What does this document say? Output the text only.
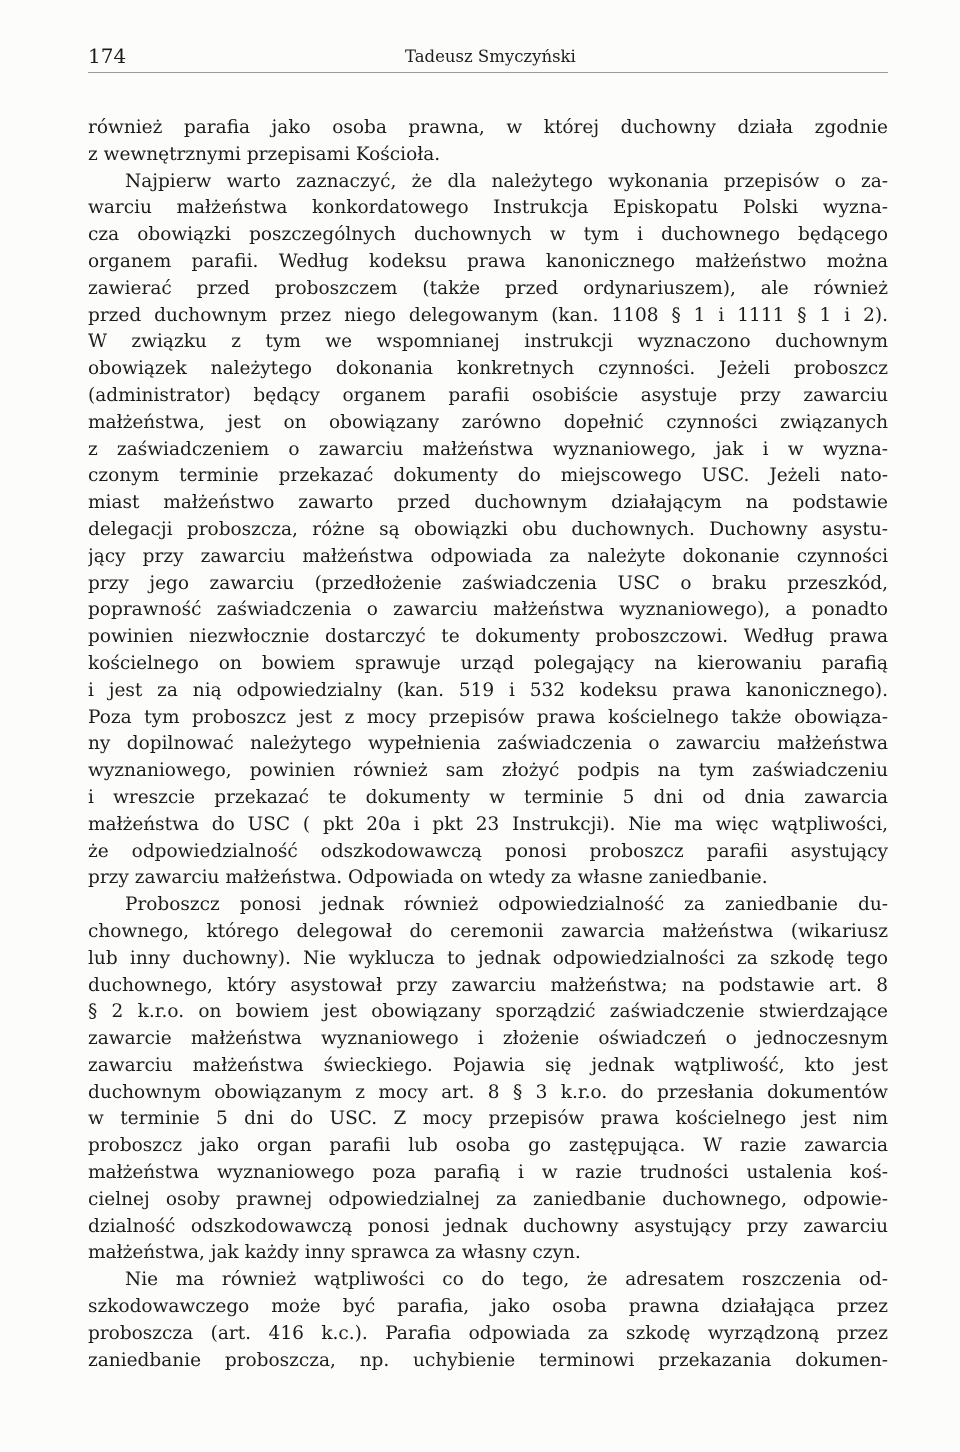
174	Tadeusz Smyczyński
również parafia jako osoba prawna, w której duchowny działa zgodnie
z wewnętrznymi przepisami Kościoła.
Najpierw warto zaznaczyć, że dla należytego wykonania przepisów o za-
warciu małżeństwa konkordatowego Instrukcja Episkopatu Polski wyzna-
cza obowiązki poszczególnych duchownych w tym i duchownego będącego
organem parafii. Według kodeksu prawa kanonicznego małżeństwo można
zawierać przed proboszczem (także przed ordynariuszem), ale również
przed duchownym przez niego delegowanym (kan. 1108 § 1 i 1111 § 1 i 2).
W związku z tym we wspomnianej instrukcji wyznaczono duchownym
obowiązek należytego dokonania konkretnych czynności. Jeżeli proboszcz
(administrator) będący organem parafii osobiście asystuje przy zawarciu
małżeństwa, jest on obowiązany zarówno dopełnić czynności związanych
z zaświadczeniem o zawarciu małżeństwa wyznaniowego, jak i w wyzna-
czonym terminie przekazać dokumenty do miejscowego USC. Jeżeli nato-
miast małżeństwo zawarto przed duchownym działającym na podstawie
delegacji proboszcza, różne są obowiązki obu duchownych. Duchowny asystu-
jący przy zawarciu małżeństwa odpowiada za należyte dokonanie czynności
przy jego zawarciu (przedłożenie zaświadczenia USC o braku przeszkód,
poprawność zaświadczenia o zawarciu małżeństwa wyznaniowego), a ponadto
powinien niezwłocznie dostarczyć te dokumenty proboszczowi. Według prawa
kościelnego on bowiem sprawuje urząd polegający na kierowaniu parafią
i jest za nią odpowiedzialny (kan. 519 i 532 kodeksu prawa kanonicznego).
Poza tym proboszcz jest z mocy przepisów prawa kościelnego także obowiąza-
ny dopilnować należytego wypełnienia zaświadczenia o zawarciu małżeństwa
wyznaniowego, powinien również sam złożyć podpis na tym zaświadczeniu
i wreszcie przekazać te dokumenty w terminie 5 dni od dnia zawarcia
małżeństwa do USC ( pkt 20a i pkt 23 Instrukcji). Nie ma więc wątpliwości,
że odpowiedzialność odszkodowawczą ponosi proboszcz parafii asystujący
przy zawarciu małżeństwa. Odpowiada on wtedy za własne zaniedbanie.
Proboszcz ponosi jednak również odpowiedzialność za zaniedbanie du-
chownego, którego delegował do ceremonii zawarcia małżeństwa (wikariusz
lub inny duchowny). Nie wyklucza to jednak odpowiedzialności za szkodę tego
duchownego, który asystował przy zawarciu małżeństwa; na podstawie art. 8
§ 2 k.r.o. on bowiem jest obowiązany sporządzić zaświadczenie stwierdzające
zawarcie małżeństwa wyznaniowego i złożenie oświadczeń o jednoczesnym
zawarciu małżeństwa świeckiego. Pojawia się jednak wątpliwość, kto jest
duchownym obowiązanym z mocy art. 8 § 3 k.r.o. do przesłania dokumentów
w terminie 5 dni do USC. Z mocy przepisów prawa kościelnego jest nim
proboszcz jako organ parafii lub osoba go zastępująca. W razie zawarcia
małżeństwa wyznaniowego poza parafią i w razie trudności ustalenia koś-
cielnej osoby prawnej odpowiedzialnej za zaniedbanie duchownego, odpowie-
dzialność odszkodowawczą ponosi jednak duchowny asystujący przy zawarciu
małżeństwa, jak każdy inny sprawca za własny czyn.
Nie ma również wątpliwości co do tego, że adresatem roszczenia od-
szkodowawczego może być parafia, jako osoba prawna działająca przez
proboszcza (art. 416 k.c.). Parafia odpowiada za szkodę wyrządzoną przez
zaniedbanie proboszcza, np. uchybienie terminowi przekazania dokumen-
